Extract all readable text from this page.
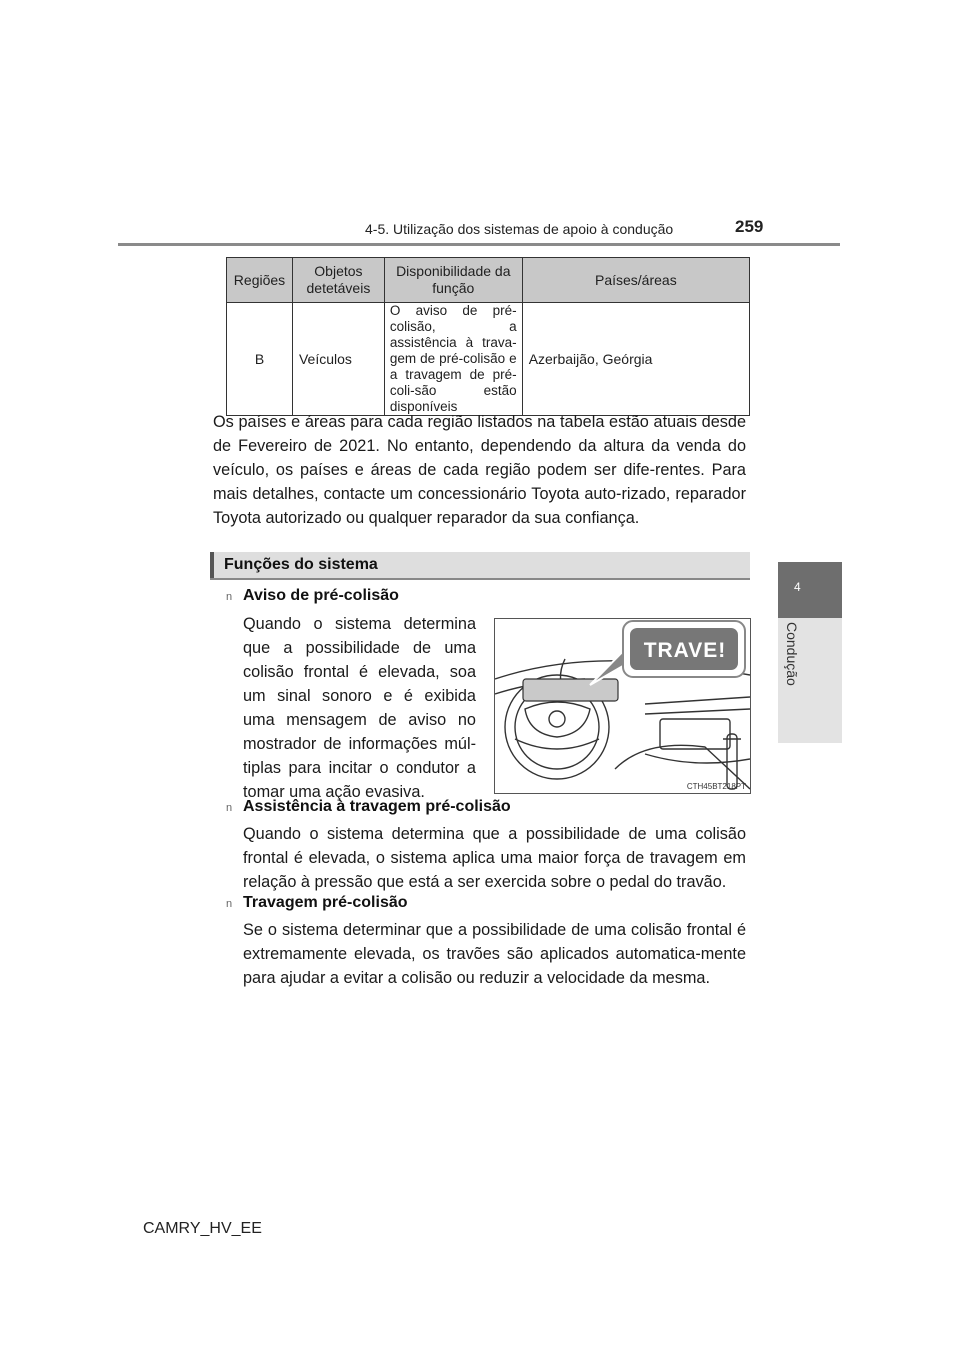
4-5. Utilização dos sistemas de apoio à condução	259
4
Condução
Regiões	Objetos detetáveis	Disponibilidade da função	Países/áreas
B	Veículos	O aviso de pré-colisão, a assistência à trava-gem de pré-colisão e a travagem de pré-coli-são estão disponíveis	Azerbaijão, Geórgia
Os países e áreas para cada região listados na tabela estão atuais desde de Fevereiro de 2021. No entanto, dependendo da altura da venda do veículo, os países e áreas de cada região podem ser dife-rentes. Para mais detalhes, contacte um concessionário Toyota auto-rizado, reparador Toyota autorizado ou qualquer reparador da sua confiança.
Funções do sistema
n Aviso de pré-colisão
Quando o sistema determina que a possibilidade de uma colisão frontal é elevada, soa um sinal sonoro e é exibida uma mensagem de aviso no mostrador de informações múl-tiplas para incitar o condutor a tomar uma ação evasiva.
TRAVE!
CTH45BT218PT
n Assistência à travagem pré-colisão
Quando o sistema determina que a possibilidade de uma colisão frontal é elevada, o sistema aplica uma maior força de travagem em relação à pressão que está a ser exercida sobre o pedal do travão.
n Travagem pré-colisão
Se o sistema determinar que a possibilidade de uma colisão frontal é extremamente elevada, os travões são aplicados automatica-mente para ajudar a evitar a colisão ou reduzir a velocidade da mesma.
CAMRY_HV_EE
